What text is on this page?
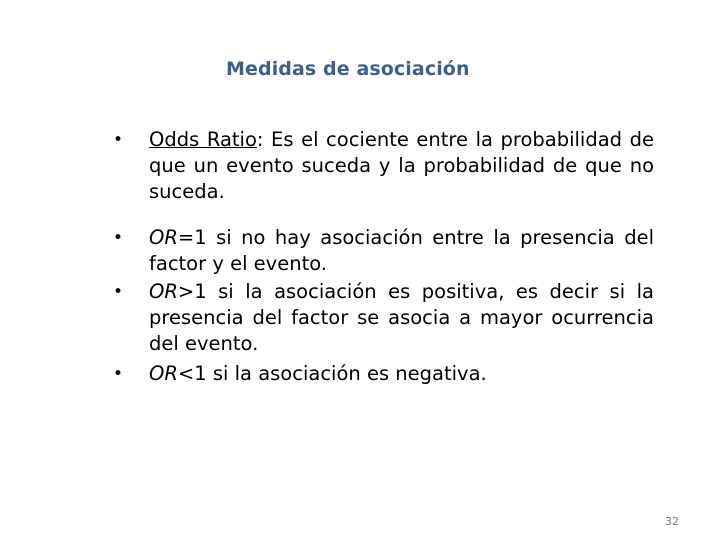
Medidas de asociación
• Odds Ratio: Es el cociente entre la probabilidad de que un evento suceda y la probabilidad de que no suceda.
• OR=1 si no hay asociación entre la presencia del factor y el evento.
• OR>1 si la asociación es positiva, es decir si la presencia del factor se asocia a mayor ocurrencia del evento.
• OR<1 si la asociación es negativa.
32
